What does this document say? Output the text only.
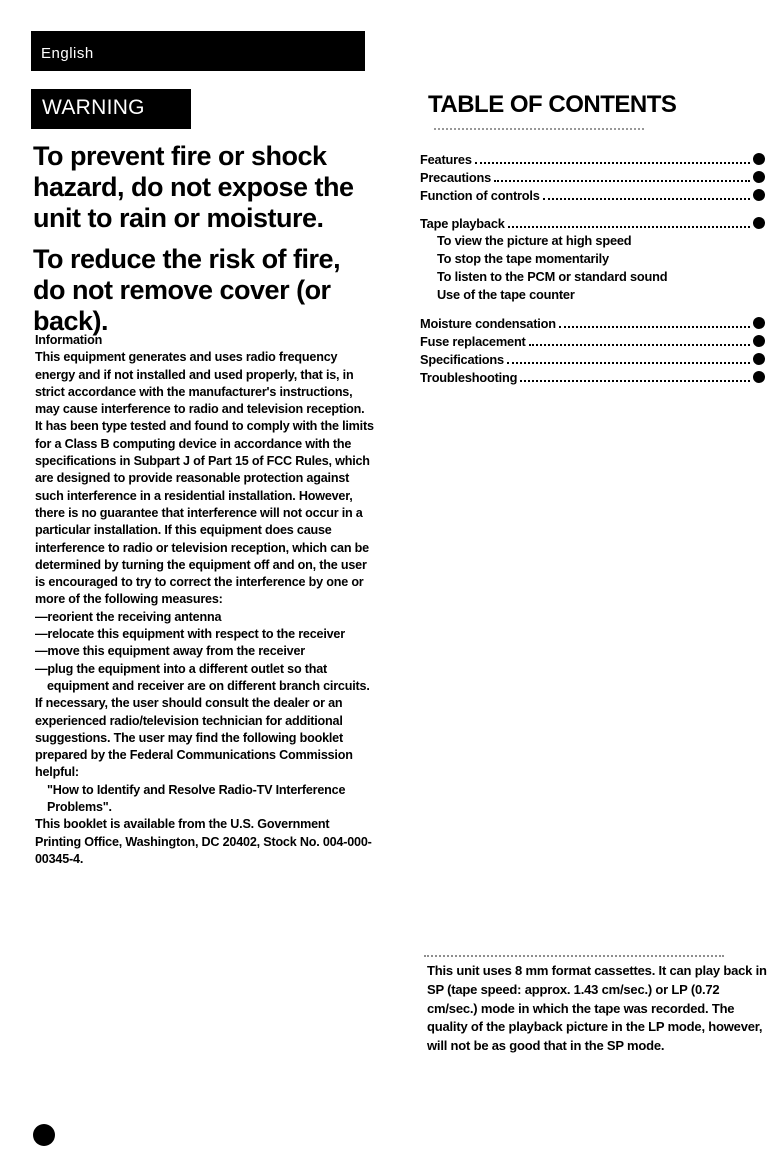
English
WARNING
To prevent fire or shock hazard, do not expose the unit to rain or moisture.
To reduce the risk of fire, do not remove cover (or back).

Information

This equipment generates and uses radio frequency energy and if not installed and used properly, that is, in strict accordance with the manufacturer's instructions, may cause interference to radio and television reception. It has been type tested and found to comply with the limits for a Class B computing device in accordance with the specifications in Subpart J of Part 15 of FCC Rules, which are designed to provide reasonable protection against such interference in a residential installation. However, there is no guarantee that interference will not occur in a particular installation. If this equipment does cause interference to radio or television reception, which can be determined by turning the equipment off and on, the user is encouraged to try to correct the interference by one or more of the following measures:

—reorient the receiving antenna

—relocate this equipment with respect to the receiver

—move this equipment away from the receiver

—plug the equipment into a different outlet so that equipment and receiver are on different branch circuits.

If necessary, the user should consult the dealer or an experienced radio/television technician for additional suggestions. The user may find the following booklet prepared by the Federal Communications Commission helpful:

"How to Identify and Resolve Radio-TV Interference Problems".

This booklet is available from the U.S. Government Printing Office, Washington, DC 20402, Stock No. 004-000-00345-4.

TABLE OF CONTENTS
Features
Precautions
Function of controls
Tape playback
To view the picture at high speed
To stop the tape momentarily
To listen to the PCM or standard sound
Use of the tape counter
Moisture condensation
Fuse replacement
Specifications
Troubleshooting
This unit uses 8 mm format cassettes. It can play back in SP (tape speed: approx. 1.43 cm/sec.) or LP (0.72 cm/sec.) mode in which the tape was recorded. The quality of the playback picture in the LP mode, however, will not be as good that in the SP mode.
